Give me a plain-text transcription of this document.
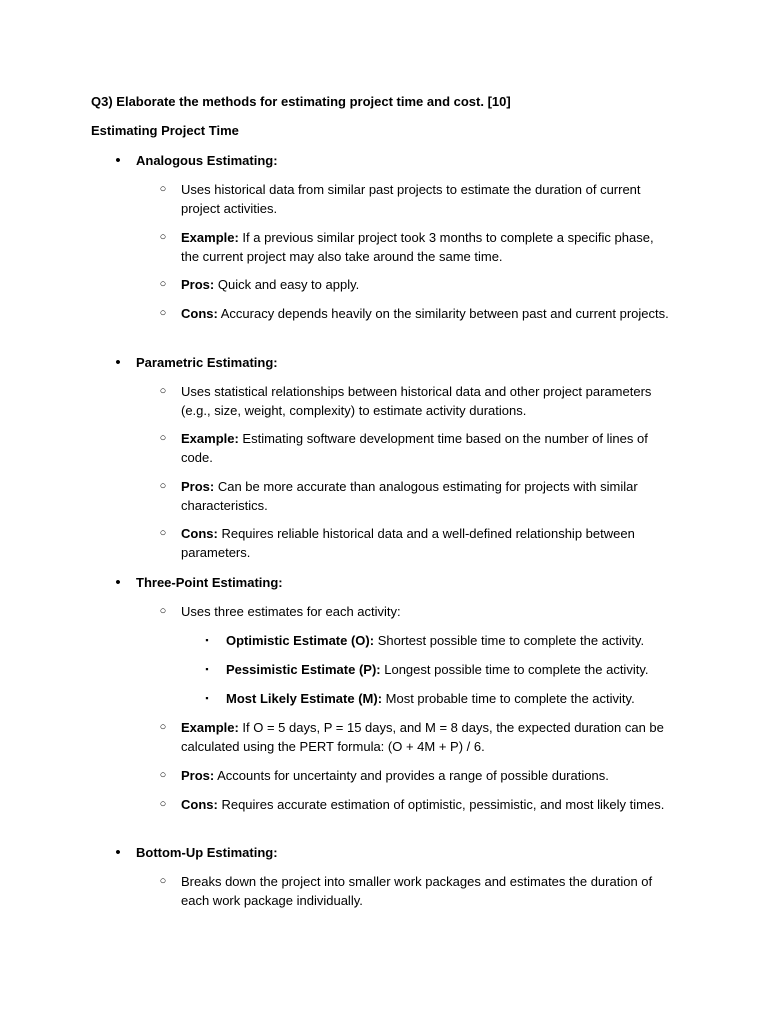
Q3) Elaborate the methods for estimating project time and cost. [10]
Estimating Project Time
•	Analogous Estimating:
○ Uses historical data from similar past projects to estimate the duration of current project activities.
○ Example: If a previous similar project took 3 months to complete a specific phase, the current project may also take around the same time.
○ Pros: Quick and easy to apply.
○ Cons: Accuracy depends heavily on the similarity between past and current projects.
•	Parametric Estimating:
○ Uses statistical relationships between historical data and other project parameters (e.g., size, weight, complexity) to estimate activity durations.
○ Example: Estimating software development time based on the number of lines of code.
○ Pros: Can be more accurate than analogous estimating for projects with similar characteristics.
○ Cons: Requires reliable historical data and a well-defined relationship between parameters.
•	Three-Point Estimating:
○ Uses three estimates for each activity:
▪	Optimistic Estimate (O): Shortest possible time to complete the activity.
▪	Pessimistic Estimate (P): Longest possible time to complete the activity.
▪	Most Likely Estimate (M): Most probable time to complete the activity.
○ Example: If O = 5 days, P = 15 days, and M = 8 days, the expected duration can be calculated using the PERT formula: (O + 4M + P) / 6.
○ Pros: Accounts for uncertainty and provides a range of possible durations.
○ Cons: Requires accurate estimation of optimistic, pessimistic, and most likely times.
•	Bottom-Up Estimating:
○ Breaks down the project into smaller work packages and estimates the duration of each work package individually.
